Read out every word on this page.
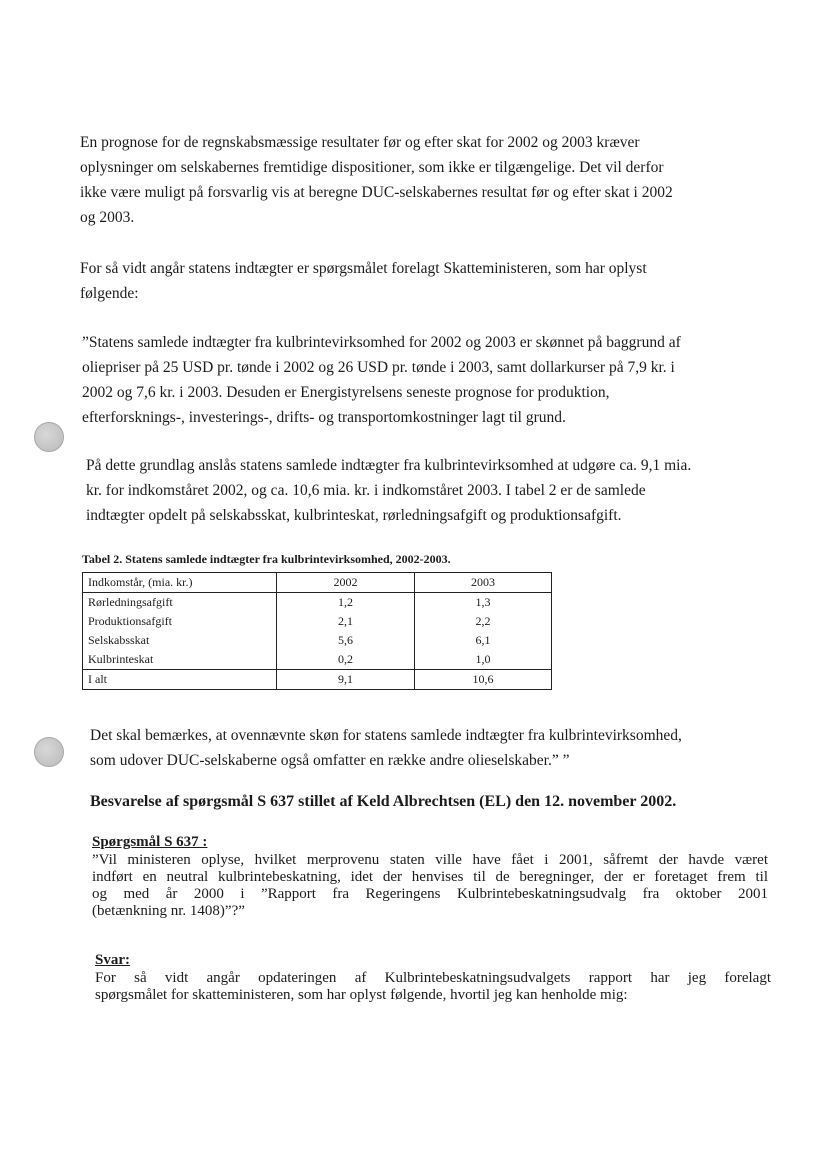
En prognose for de regnskabsmæssige resultater før og efter skat for 2002 og 2003 kræver
oplysninger om selskabernes fremtidige dispositioner, som ikke er tilgængelige. Det vil derfor
ikke være muligt på forsvarlig vis at beregne DUC-selskabernes resultat før og efter skat i 2002
og 2003.
For så vidt angår statens indtægter er spørgsmålet forelagt Skatteministeren, som har oplyst
følgende:
”Statens samlede indtægter fra kulbrintevirksomhed for 2002 og 2003 er skønnet på baggrund af
oliepriser på 25 USD pr. tønde i 2002 og 26 USD pr. tønde i 2003, samt dollarkurser på 7,9 kr. i
2002 og 7,6 kr. i 2003. Desuden er Energistyrelsens seneste prognose for produktion,
efterforsknings-, investerings-, drifts- og transportomkostninger lagt til grund.
På dette grundlag anslås statens samlede indtægter fra kulbrintevirksomhed at udgøre ca. 9,1 mia.
kr. for indkomståret 2002, og ca. 10,6 mia. kr. i indkomståret 2003. I tabel 2 er de samlede
indtægter opdelt på selskabsskat, kulbrinteskat, rørledningsafgift og produktionsafgift.
Tabel 2. Statens samlede indtægter fra kulbrintevirksomhed, 2002-2003.
Indkomstår, (mia. kr.)	2002	2003
Rørledningsafgift	1,2	1,3
Produktionsafgift	2,1	2,2
Selskabsskat	5,6	6,1
Kulbrinteskat	0,2	1,0
I alt	9,1	10,6
Det skal bemærkes, at ovennævnte skøn for statens samlede indtægter fra kulbrintevirksomhed,
som udover DUC-selskaberne også omfatter en række andre olieselskaber.” ”
Besvarelse af spørgsmål S 637 stillet af Keld Albrechtsen (EL) den 12. november 2002.
Spørgsmål S 637 :
”Vil ministeren oplyse, hvilket merprovenu staten ville have fået i 2001, såfremt der havde været
indført en neutral kulbrintebeskatning, idet der henvises til de beregninger, der er foretaget frem til
og med år 2000 i ”Rapport fra Regeringens Kulbrintebeskatningsudvalg fra oktober 2001
(betænkning nr. 1408)”?”
Svar:
For så vidt angår opdateringen af Kulbrintebeskatningsudvalgets rapport har jeg forelagt
spørgsmålet for skatteministeren, som har oplyst følgende, hvortil jeg kan henholde mig:
